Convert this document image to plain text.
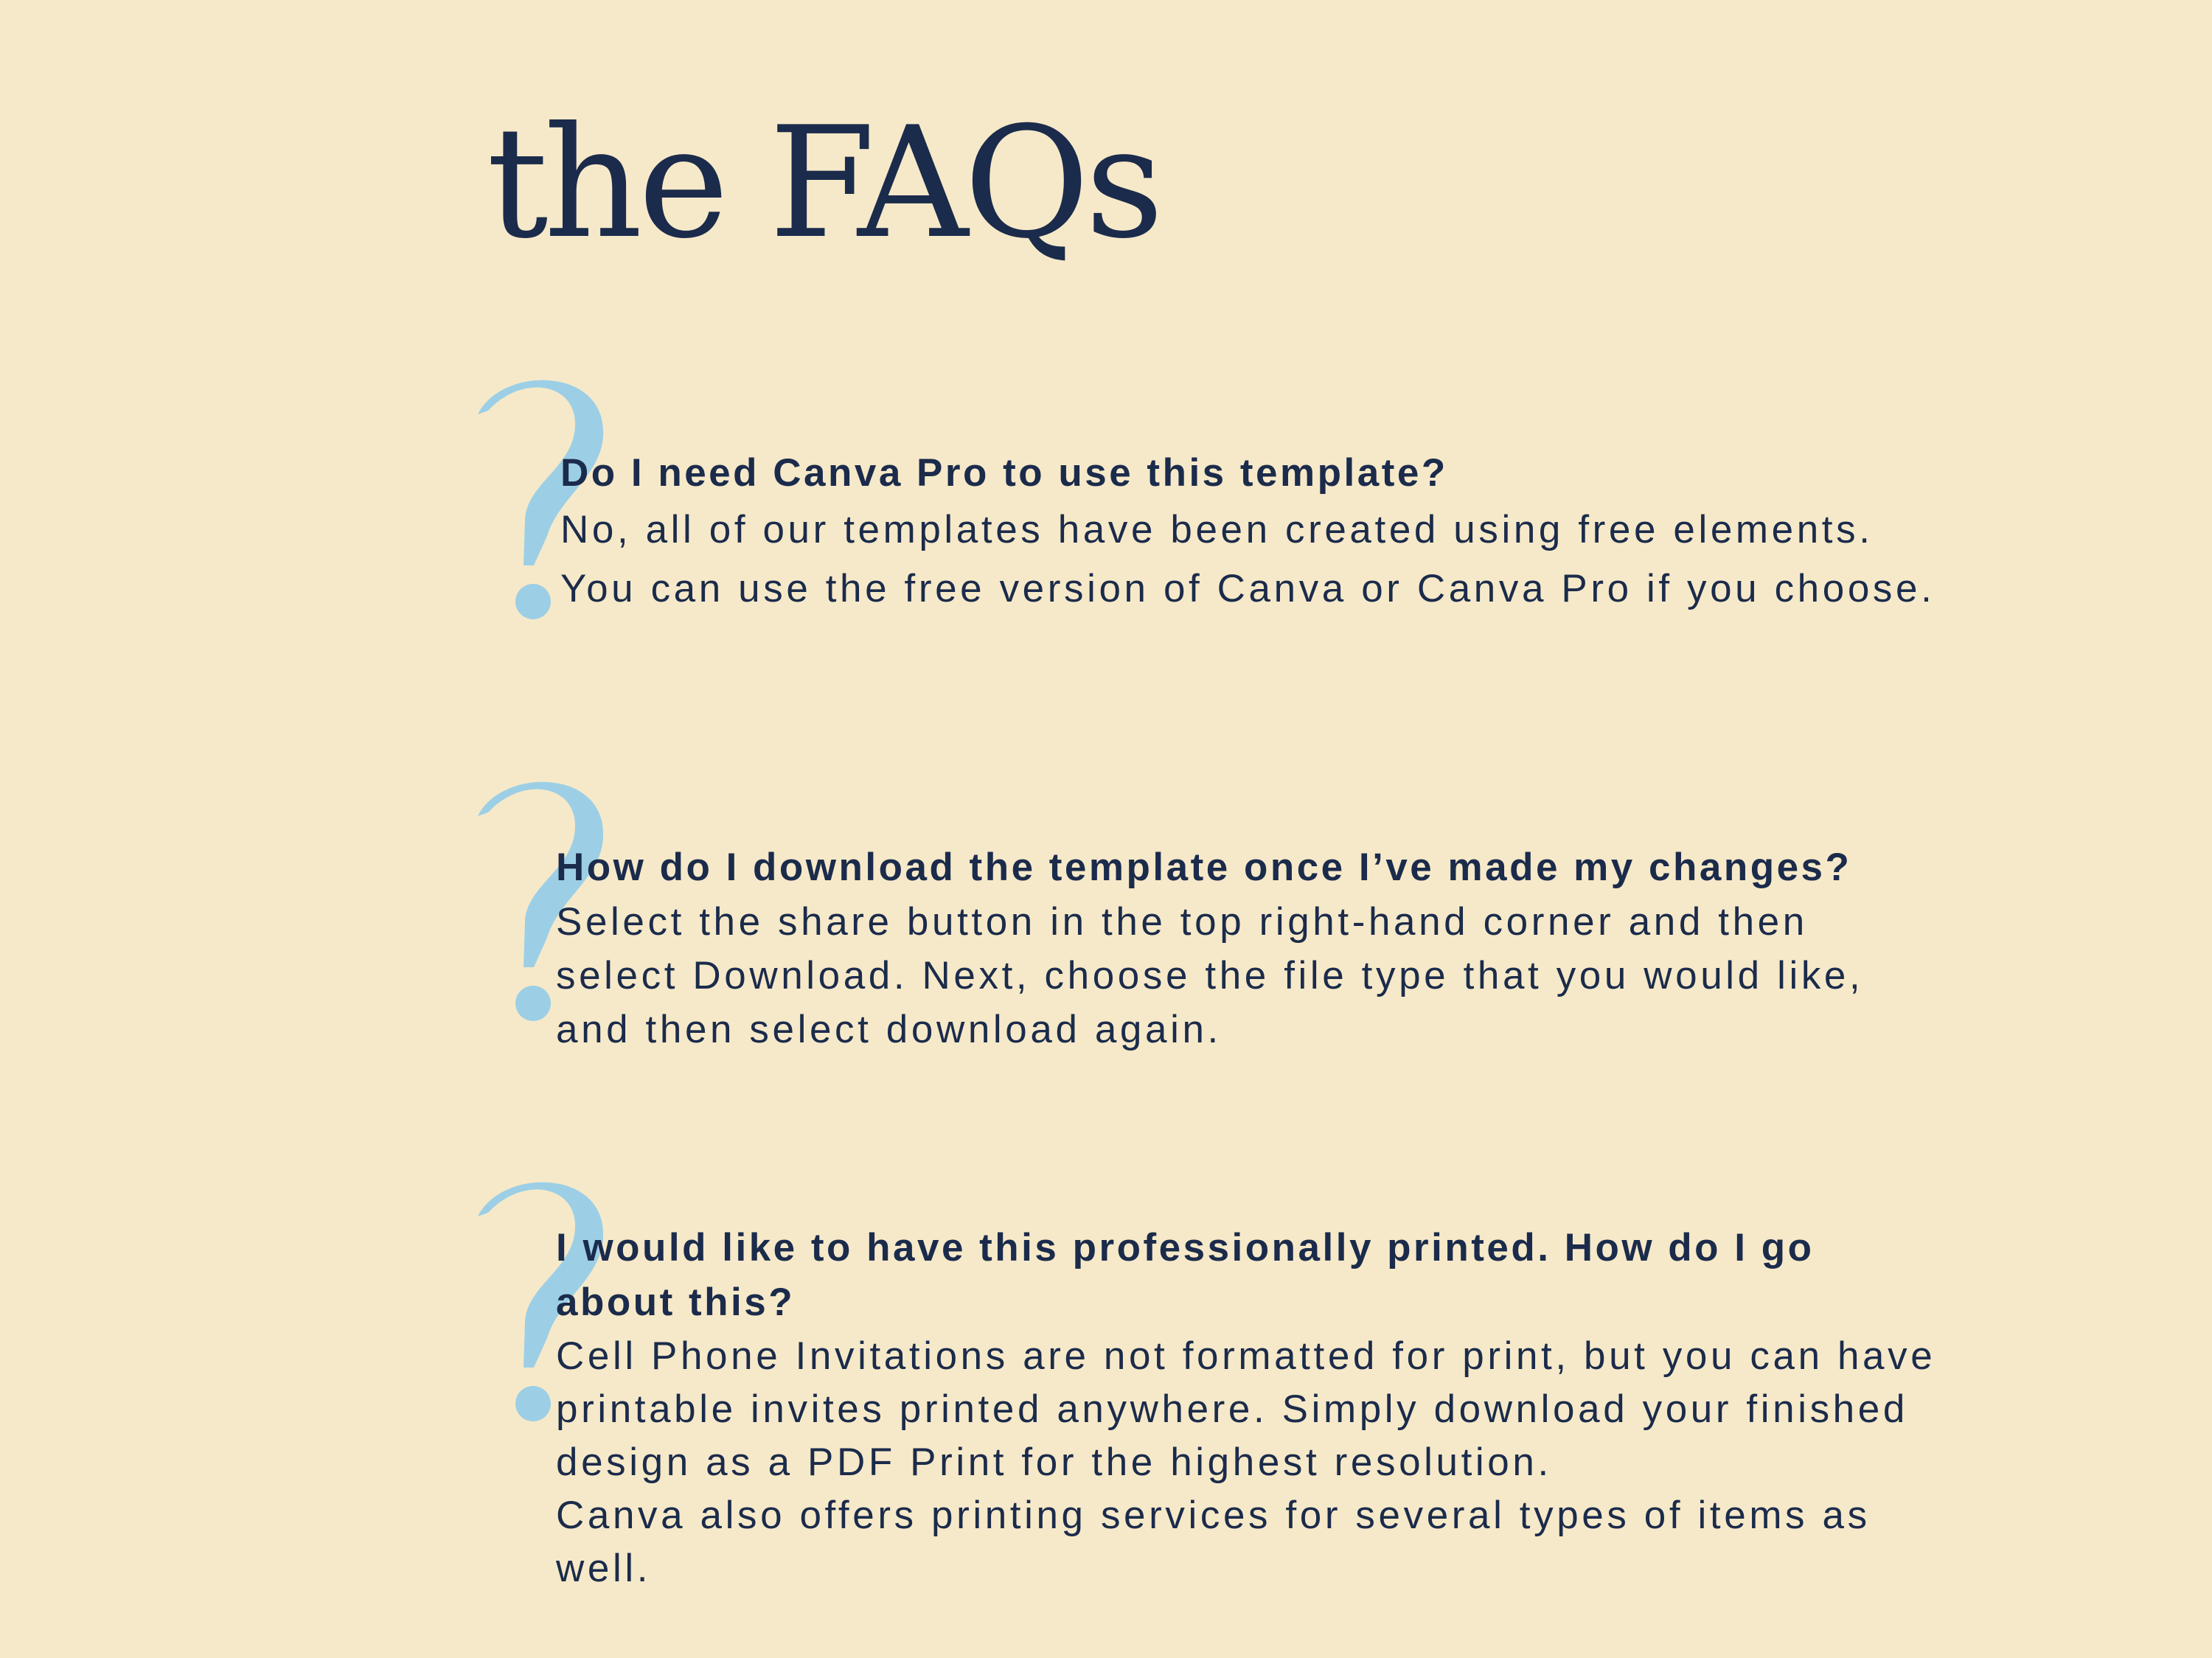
the FAQs

Do I need Canva Pro to use this template?

No, all of our templates have been created using free elements. You can use the free version of Canva or Canva Pro if you choose.

How do I download the template once I’ve made my changes?

Select the share button in the top right-hand corner and then select Download. Next, choose the file type that you would like, and then select download again.

I would like to have this professionally printed. How do I go about this?

Cell Phone Invitations are not formatted for print, but you can have printable invites printed anywhere. Simply download your finished design as a PDF Print for the highest resolution.

Canva also offers printing services for several types of items as well.
